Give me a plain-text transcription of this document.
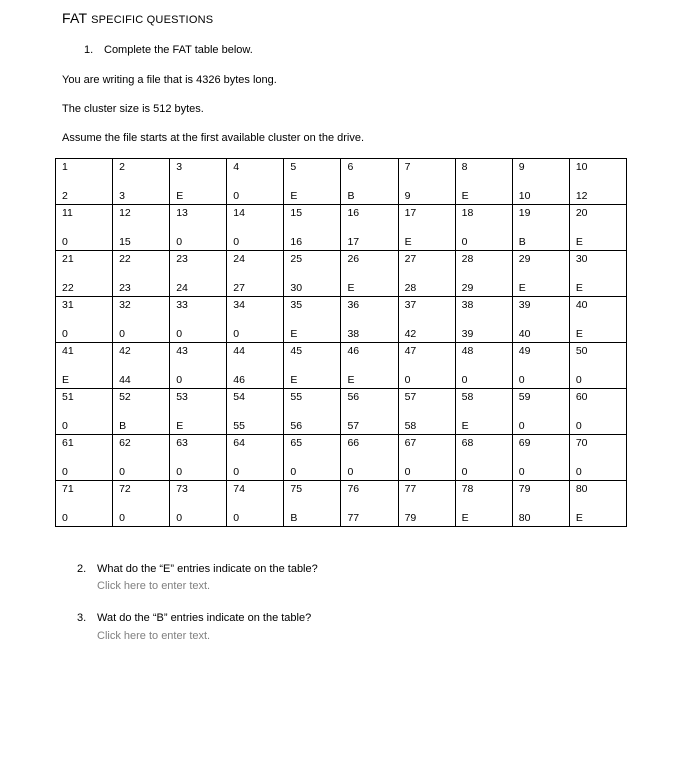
FAT SPECIFIC QUESTIONS
1. Complete the FAT table below.
You are writing a file that is 4326 bytes long.
The cluster size is 512 bytes.
Assume the file starts at the first available cluster on the drive.
1	2	3	4	5	6	7	8	9	10

2	3	E	0	E	B	9	E	10	12
11	12	13	14	15	16	17	18	19	20

0	15	0	0	16	17	E	0	B	E
21	22	23	24	25	26	27	28	29	30

22	23	24	27	30	E	28	29	E	E
31	32	33	34	35	36	37	38	39	40

0	0	0	0	E	38	42	39	40	E
41	42	43	44	45	46	47	48	49	50

E	44	0	46	E	E	0	0	0	0
51	52	53	54	55	56	57	58	59	60

0	B	E	55	56	57	58	E	0	0
61	62	63	64	65	66	67	68	69	70

0	0	0	0	0	0	0	0	0	0
71	72	73	74	75	76	77	78	79	80

0	0	0	0	B	77	79	E	80	E
2. What do the “E” entries indicate on the table?
Click here to enter text.
3. Wat do the “B” entries indicate on the table?
Click here to enter text.
